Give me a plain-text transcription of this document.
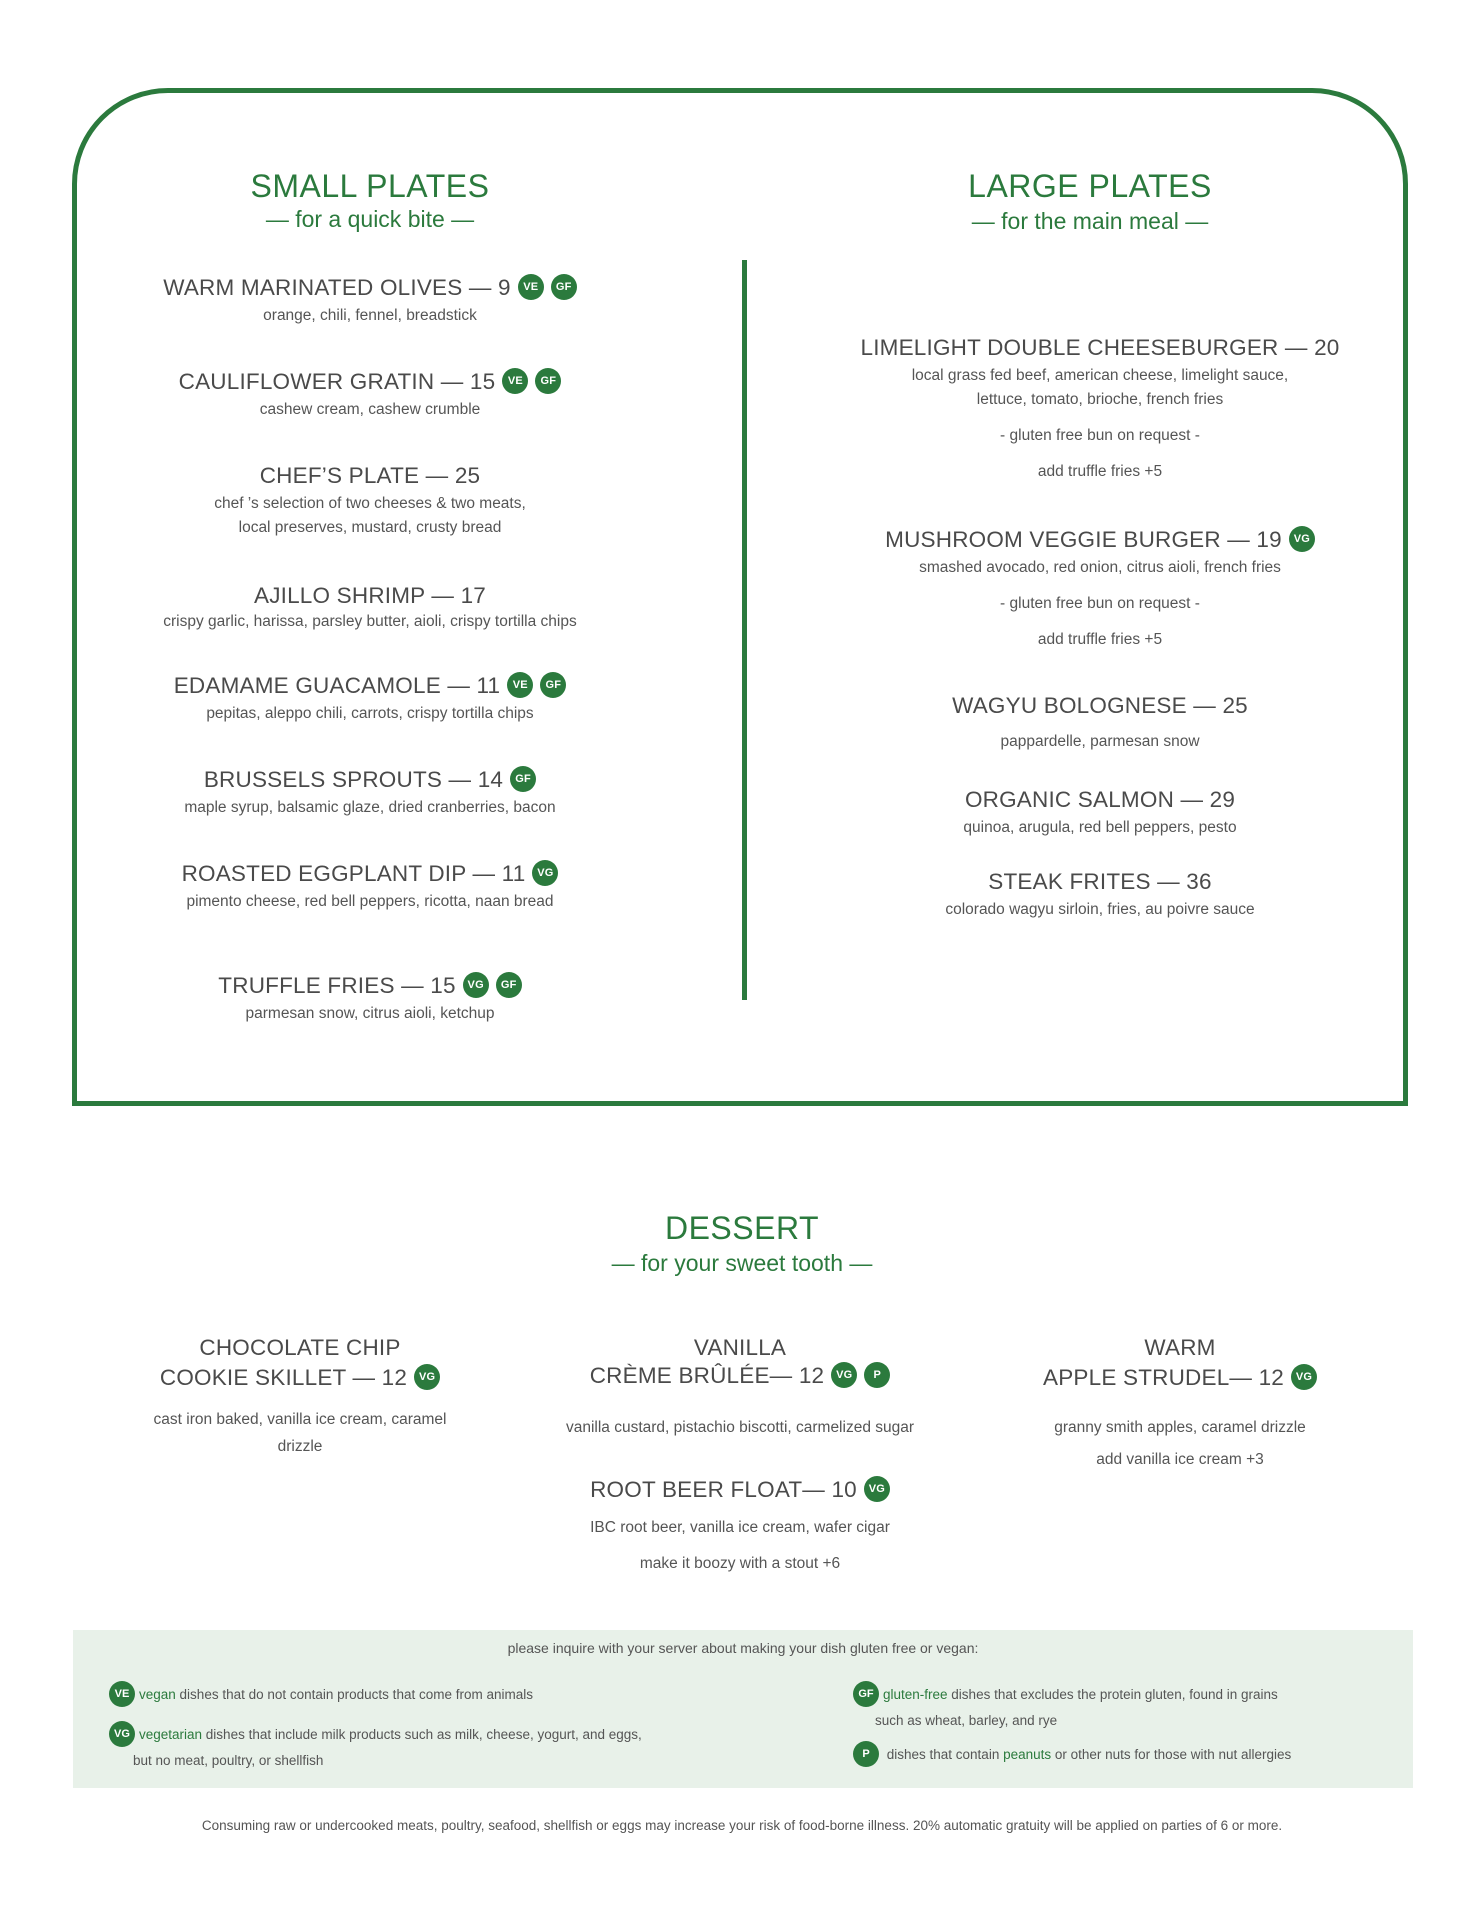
SMALL PLATES
— for a quick bite —
WARM MARINATED OLIVES — 9 VE GF
orange, chili, fennel, breadstick
CAULIFLOWER GRATIN — 15 VE GF
cashew cream, cashew crumble
CHEF’S PLATE — 25
chef ’s selection of two cheeses & two meats,
local preserves, mustard, crusty bread
AJILLO SHRIMP — 17
crispy garlic, harissa, parsley butter, aioli, crispy tortilla chips
EDAMAME GUACAMOLE — 11 VE GF
pepitas, aleppo chili, carrots, crispy tortilla chips
BRUSSELS SPROUTS — 14 GF
maple syrup, balsamic glaze, dried cranberries, bacon
ROASTED EGGPLANT DIP — 11 VG
pimento cheese, red bell peppers, ricotta, naan bread
TRUFFLE FRIES — 15 VG GF
parmesan snow, citrus aioli, ketchup
LARGE PLATES
— for the main meal —
LIMELIGHT DOUBLE CHEESEBURGER — 20
local grass fed beef, american cheese, limelight sauce,
lettuce, tomato, brioche, french fries
- gluten free bun on request -
add truffle fries +5
MUSHROOM VEGGIE BURGER — 19 VG
smashed avocado, red onion, citrus aioli, french fries
- gluten free bun on request -
add truffle fries +5
WAGYU BOLOGNESE — 25
pappardelle, parmesan snow
ORGANIC SALMON — 29
quinoa, arugula, red bell peppers, pesto
STEAK FRITES — 36
colorado wagyu sirloin, fries, au poivre sauce
DESSERT
— for your sweet tooth —
CHOCOLATE CHIP
COOKIE SKILLET — 12 VG
cast iron baked, vanilla ice cream, caramel
drizzle
VANILLA
CRÈME BRÛLÉE— 12 VG P
vanilla custard, pistachio biscotti, carmelized sugar
ROOT BEER FLOAT— 10 VG
IBC root beer, vanilla ice cream, wafer cigar
make it boozy with a stout +6
WARM
APPLE STRUDEL— 12 VG
granny smith apples, caramel drizzle
add vanilla ice cream +3
please inquire with your server about making your dish gluten free or vegan:
VE vegan dishes that do not contain products that come from animals
VG vegetarian dishes that include milk products such as milk, cheese, yogurt, and eggs,
but no meat, poultry, or shellfish
GF gluten-free dishes that excludes the protein gluten, found in grains
such as wheat, barley, and rye
P dishes that contain peanuts or other nuts for those with nut allergies
Consuming raw or undercooked meats, poultry, seafood, shellfish or eggs may increase your risk of food-borne illness. 20% automatic gratuity will be applied on parties of 6 or more.
